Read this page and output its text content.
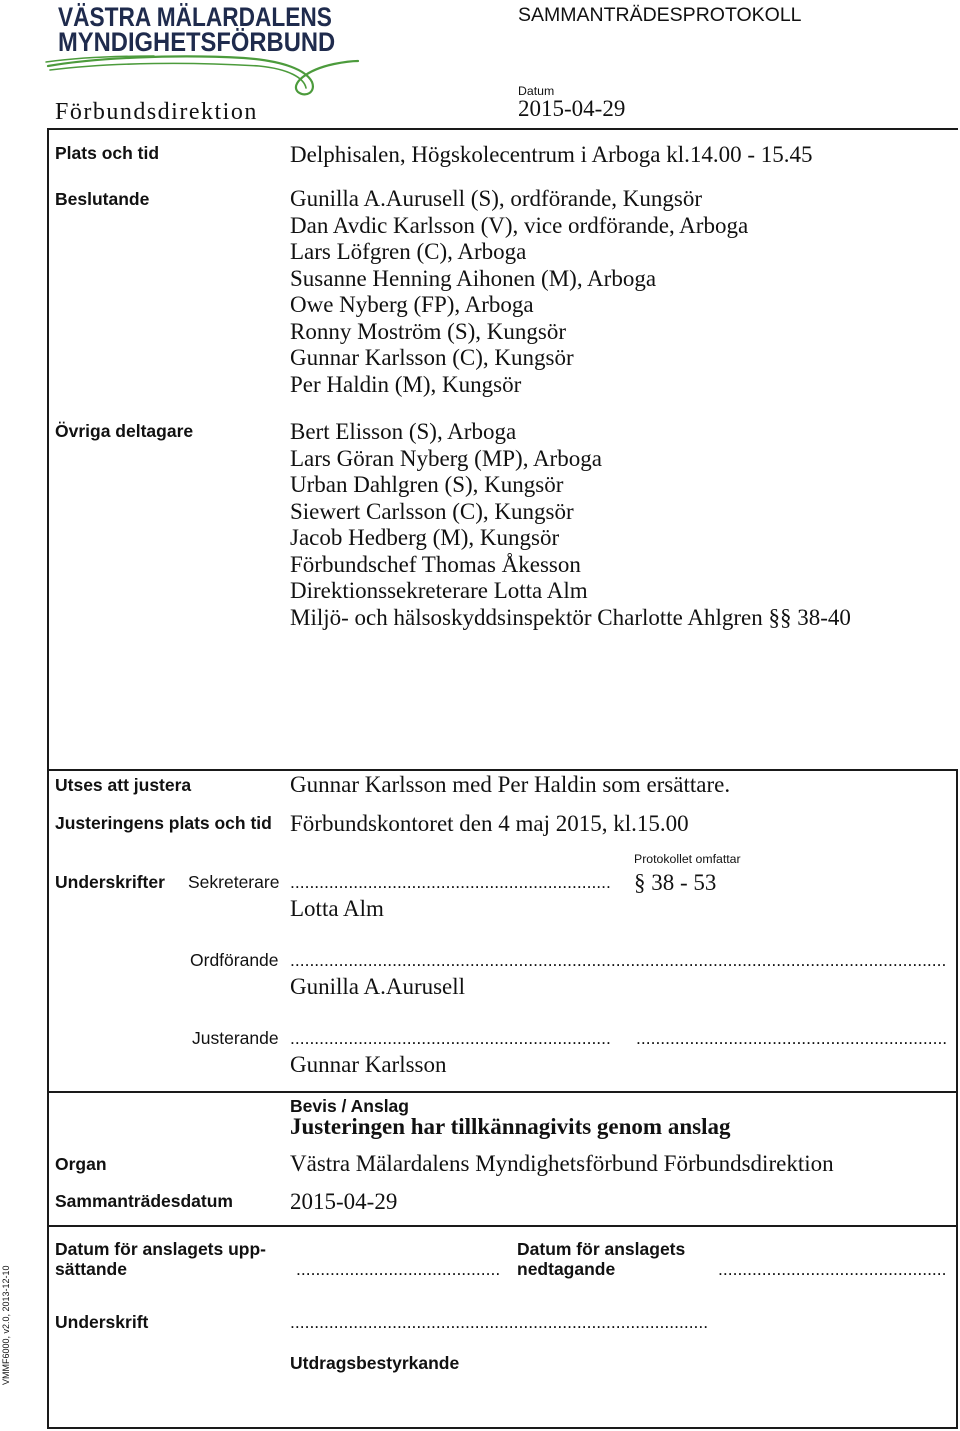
VÄSTRA MÄLARDALENS
MYNDIGHETSFÖRBUND
SAMMANTRÄDESPROTOKOLL
Förbundsdirektion
Datum
2015-04-29
Plats och tid	Delphisalen, Högskolecentrum i Arboga kl.14.00 - 15.45
Beslutande	Gunilla A.Aurusell (S), ordförande, Kungsör
Dan Avdic Karlsson (V), vice ordförande, Arboga
Lars Löfgren (C), Arboga
Susanne Henning Aihonen (M), Arboga
Owe Nyberg (FP), Arboga
Ronny Moström (S), Kungsör
Gunnar Karlsson (C), Kungsör
Per Haldin (M), Kungsör
Övriga deltagare	Bert Elisson (S), Arboga
Lars Göran Nyberg (MP), Arboga
Urban Dahlgren (S), Kungsör
Siewert Carlsson (C), Kungsör
Jacob Hedberg (M), Kungsör
Förbundschef Thomas Åkesson
Direktionssekreterare Lotta Alm
Miljö- och hälsoskyddsinspektör Charlotte Ahlgren §§ 38-40
Utses att justera	Gunnar Karlsson med Per Haldin som ersättare.
Justeringens plats och tid Förbundskontoret den 4 maj 2015, kl.15.00
Protokollet omfattar
§ 38 - 53
Underskrifter Sekreterare ..................................................................
Lotta Alm
Ordförande .......................................................................................................................................
Gunilla A.Aurusell
Justerande .................................................................. ................................................................
Gunnar Karlsson
Bevis / Anslag
Justeringen har tillkännagivits genom anslag
Organ	Västra Mälardalens Myndighetsförbund Förbundsdirektion
Sammanträdesdatum 2015-04-29
Datum för anslagets upp-
sättande	..........................................
Datum för anslagets
nedtagande	...............................................
Underskrift	......................................................................................
Utdragsbestyrkande
VMMF6000, v2.0, 2013-12-10
